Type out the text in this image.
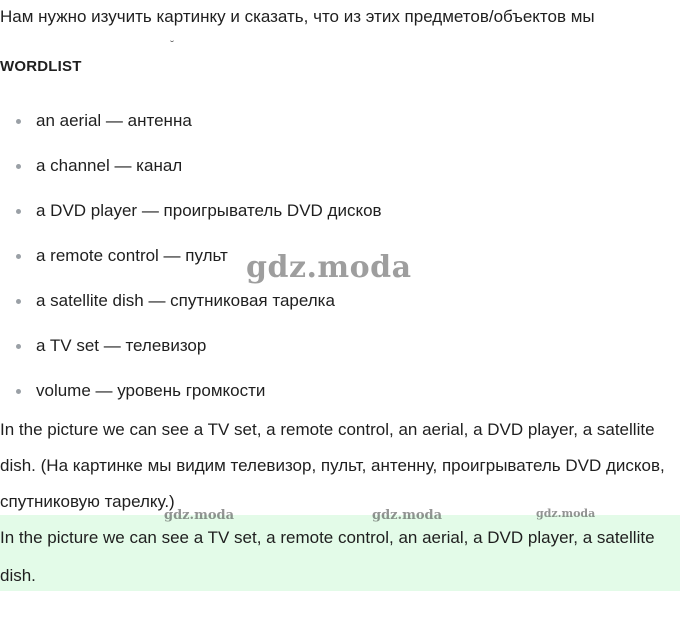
Нам нужно изучить картинку и сказать, что из этих предметов/объектов мы

WORDLIST
an aerial — антенна
a channel — канал
a DVD player — проигрыватель DVD дисков
a remote control — пульт
a satellite dish — спутниковая тарелка
a TV set — телевизор
volume — уровень громкости

In the picture we can see a TV set, a remote control, an aerial, a DVD player, a satellite dish. (На картинке мы видим телевизор, пульт, антенну, проигрыватель DVD дисков, спутниковую тарелку.)

In the picture we can see a TV set, a remote control, an aerial, a DVD player, a satellite dish.

gdz.moda
gdz.moda	gdz.moda	gdz.moda
